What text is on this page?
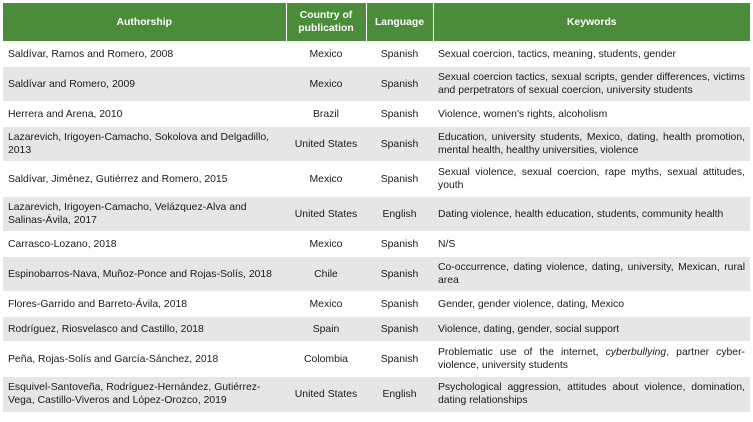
Authorship	Country of publication	Language	Keywords
Saldívar, Ramos and Romero, 2008	Mexico	Spanish	Sexual coercion, tactics, meaning, students, gender
Saldívar and Romero, 2009	Mexico	Spanish	Sexual coercion tactics, sexual scripts, gender differences, victims and perpetrators of sexual coercion, university students
Herrera and Arena, 2010	Brazil	Spanish	Violence, women's rights, alcoholism
Lazarevich, Irigoyen-Camacho, Sokolova and Delgadillo, 2013	United States	Spanish	Education, university students, Mexico, dating, health promotion, mental health, healthy universities, violence
Saldívar, Jiménez, Gutiérrez and Romero, 2015	Mexico	Spanish	Sexual violence, sexual coercion, rape myths, sexual attitudes, youth
Lazarevich, Irigoyen-Camacho, Velázquez-Alva and Salinas-Ávila, 2017	United States	English	Dating violence, health education, students, community health
Carrasco-Lozano, 2018	Mexico	Spanish	N/S
Espinobarros-Nava, Muñoz-Ponce and Rojas-Solís, 2018	Chile	Spanish	Co-occurrence, dating violence, dating, university, Mexican, rural area
Flores-Garrido and Barreto-Ávila, 2018	Mexico	Spanish	Gender, gender violence, dating, Mexico
Rodríguez, Riosvelasco and Castillo, 2018	Spain	Spanish	Violence, dating, gender, social support
Peña, Rojas-Solís and García-Sánchez, 2018	Colombia	Spanish	Problematic use of the internet, cyberbullying, partner cyber-violence, university students
Esquivel-Santoveña, Rodríguez-Hernández, Gutiérrez-Vega, Castillo-Viveros and López-Orozco, 2019	United States	English	Psychological aggression, attitudes about violence, domination, dating relationships
